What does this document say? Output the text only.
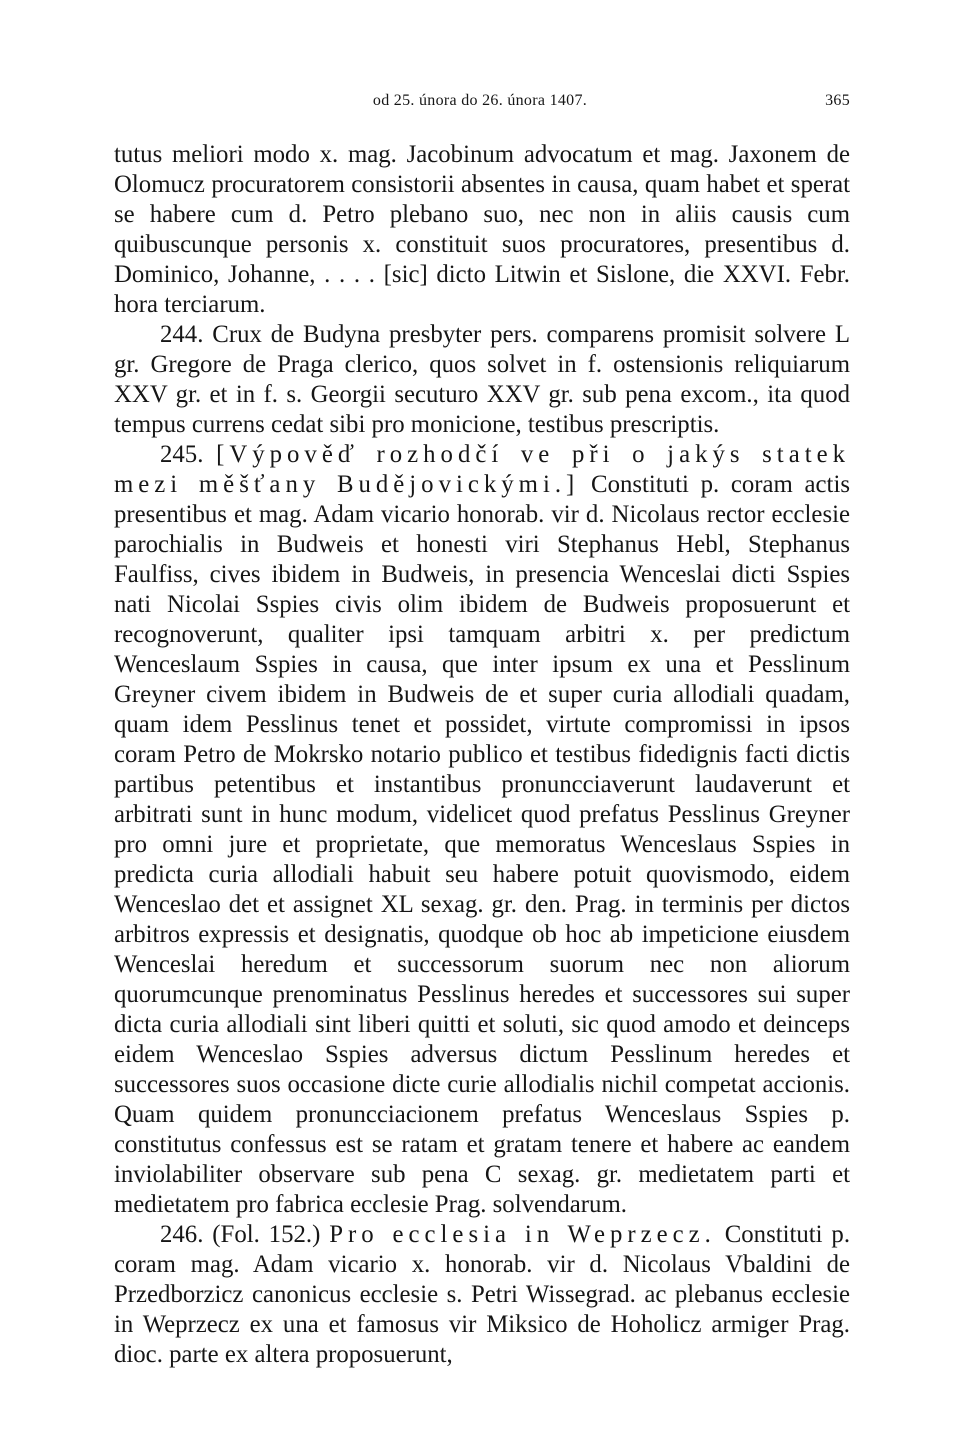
od 25. února do 26. února 1407.	365

tutus meliori modo x. mag. Jacobinum advocatum et mag. Jaxonem de Olomucz procuratorem consistorii absentes in causa, quam habet et sperat se habere cum d. Petro plebano suo, nec non in aliis causis cum quibuscunque personis x. constituit suos procuratores, presentibus d. Dominico, Johanne, . . . . [sic] dicto Litwin et Sislone, die XXVI. Febr. hora terciarum.

244. Crux de Budyna presbyter pers. comparens promisit solvere L gr. Gregore de Praga clerico, quos solvet in f. ostensionis reliquiarum XXV gr. et in f. s. Georgii secuturo XXV gr. sub pena excom., ita quod tempus currens cedat sibi pro monicione, testibus prescriptis.

245. [Výpověď rozhodčí ve při o jakýs statek mezi měšťany Budějovickými.] Constituti p. coram actis presentibus et mag. Adam vicario honorab. vir d. Nicolaus rector ecclesie parochialis in Budweis et honesti viri Stephanus Hebl, Stephanus Faulfiss, cives ibidem in Budweis, in presencia Wenceslai dicti Sspies nati Nicolai Sspies civis olim ibidem de Budweis proposuerunt et recognoverunt, qualiter ipsi tamquam arbitri x. per predictum Wenceslaum Sspies in causa, que inter ipsum ex una et Pesslinum Greyner civem ibidem in Budweis de et super curia allodiali quadam, quam idem Pesslinus tenet et possidet, virtute compromissi in ipsos coram Petro de Mokrsko notario publico et testibus fidedignis facti dictis partibus petentibus et instantibus pronuncciaverunt laudaverunt et arbitrati sunt in hunc modum, videlicet quod prefatus Pesslinus Greyner pro omni jure et proprietate, que memoratus Wenceslaus Sspies in predicta curia allodiali habuit seu habere potuit quovismodo, eidem Wenceslao det et assignet XL sexag. gr. den. Prag. in terminis per dictos arbitros expressis et designatis, quodque ob hoc ab impeticione eiusdem Wenceslai heredum et successorum suorum nec non aliorum quorumcunque prenominatus Pesslinus heredes et successores sui super dicta curia allodiali sint liberi quitti et soluti, sic quod amodo et deinceps eidem Wenceslao Sspies adversus dictum Pesslinum heredes et successores suos occasione dicte curie allodialis nichil competat accionis. Quam quidem pronuncciacionem prefatus Wenceslaus Sspies p. constitutus confessus est se ratam et gratam tenere et habere ac eandem inviolabiliter observare sub pena C sexag. gr. medietatem parti et medietatem pro fabrica ecclesie Prag. solvendarum.

246. (Fol. 152.) Pro ecclesia in Weprzecz. Constituti p. coram mag. Adam vicario x. honorab. vir d. Nicolaus Vbaldini de Przedborzicz canonicus ecclesie s. Petri Wissegrad. ac plebanus ecclesie in Weprzecz ex una et famosus vir Miksico de Hoholicz armiger Prag. dioc. parte ex altera proposuerunt,
